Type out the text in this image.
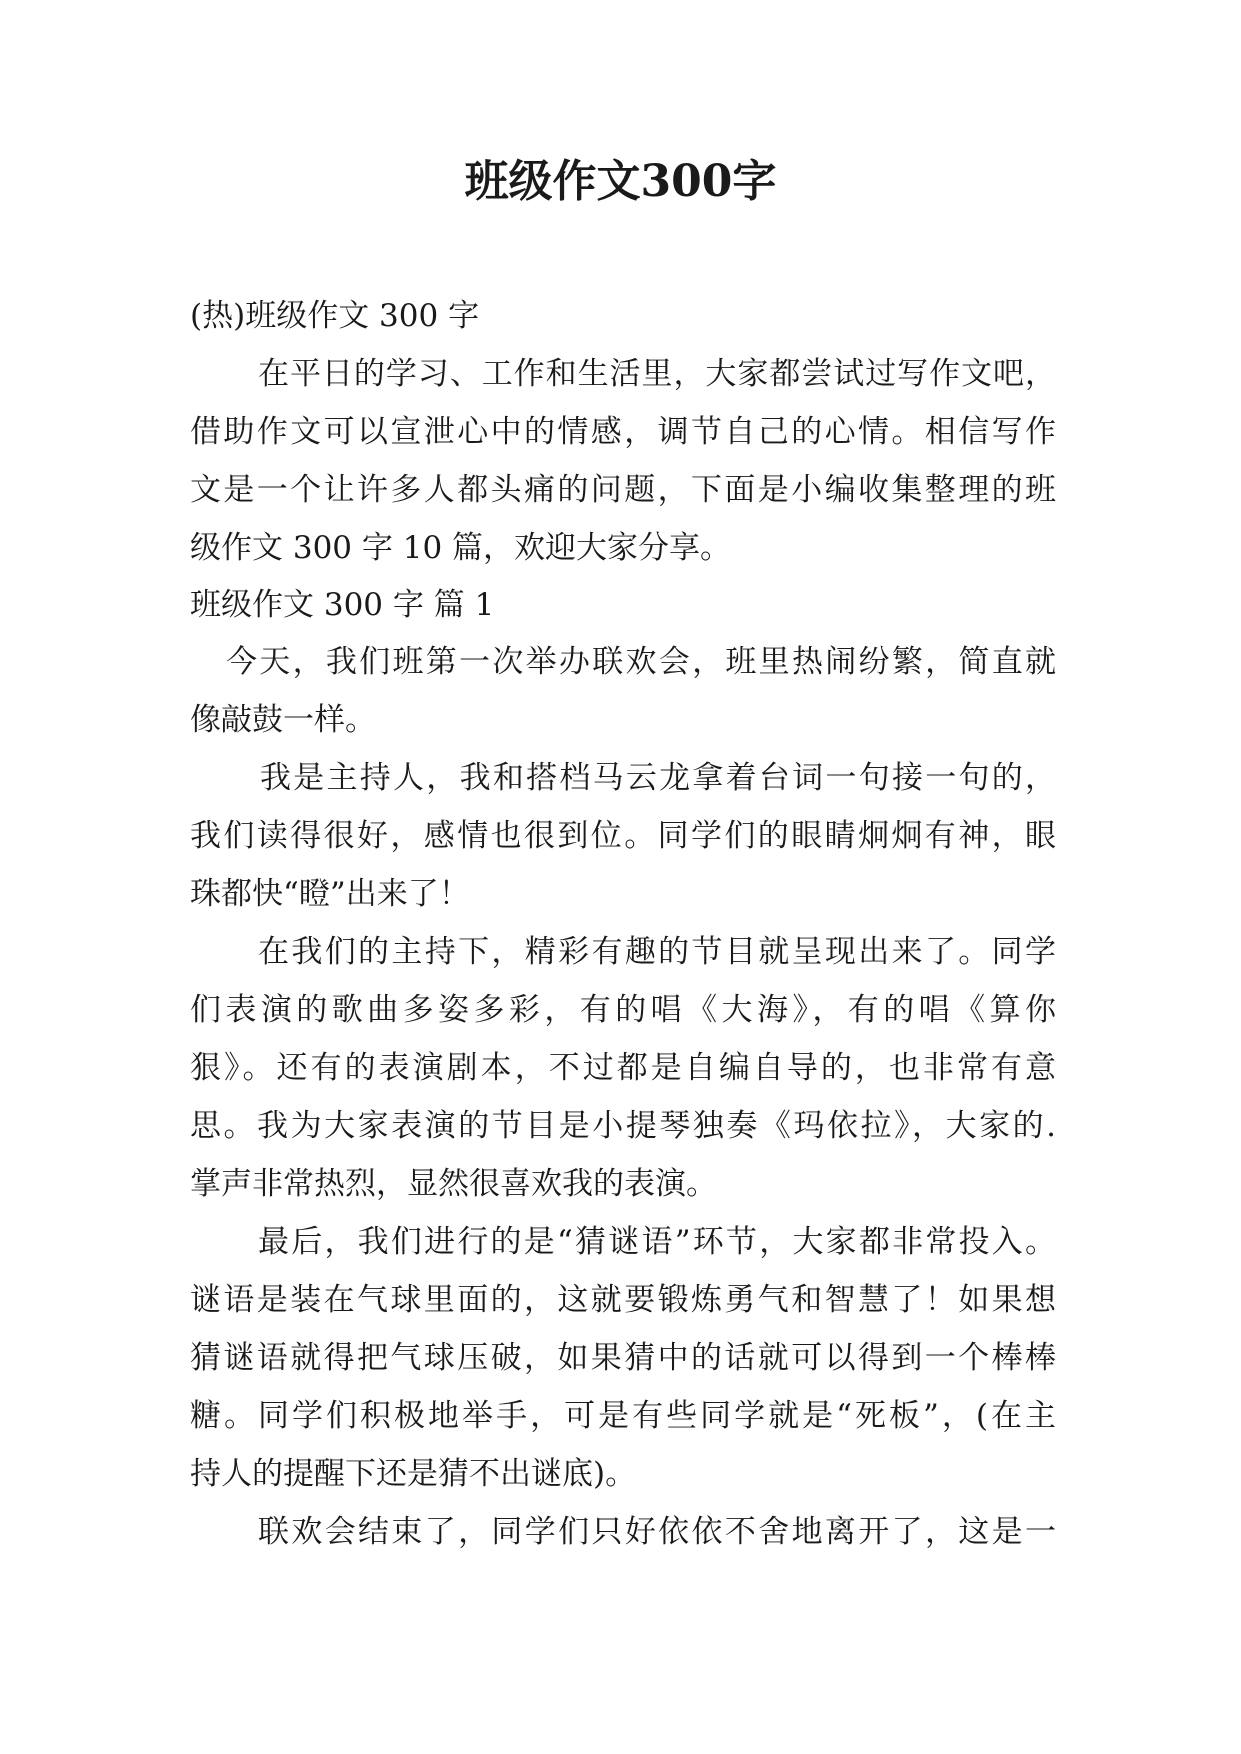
班级作文300字

(热)班级作文 300 字

在平日的学习、工作和生活里，大家都尝试过写作文吧，

借助作文可以宣泄心中的情感，调节自己的心情。相信写作

文是一个让许多人都头痛的问题，下面是小编收集整理的班

级作文 300 字 10 篇，欢迎大家分享。

班级作文 300 字 篇 1

今天，我们班第一次举办联欢会，班里热闹纷繁，简直就

像敲鼓一样。

我是主持人，我和搭档马云龙拿着台词一句接一句的，

我们读得很好，感情也很到位。同学们的眼睛炯炯有神，眼

珠都快“瞪”出来了！

在我们的主持下，精彩有趣的节目就呈现出来了。同学

们表演的歌曲多姿多彩，有的唱《大海》，有的唱《算你

狠》。还有的表演剧本，不过都是自编自导的，也非常有意

思。我为大家表演的节目是小提琴独奏《玛依拉》，大家的.

掌声非常热烈，显然很喜欢我的表演。

最后，我们进行的是“猜谜语”环节，大家都非常投入。

谜语是装在气球里面的，这就要锻炼勇气和智慧了！如果想

猜谜语就得把气球压破，如果猜中的话就可以得到一个棒棒

糖。同学们积极地举手，可是有些同学就是“死板”，(在主

持人的提醒下还是猜不出谜底)。

联欢会结束了，同学们只好依依不舍地离开了，这是一
